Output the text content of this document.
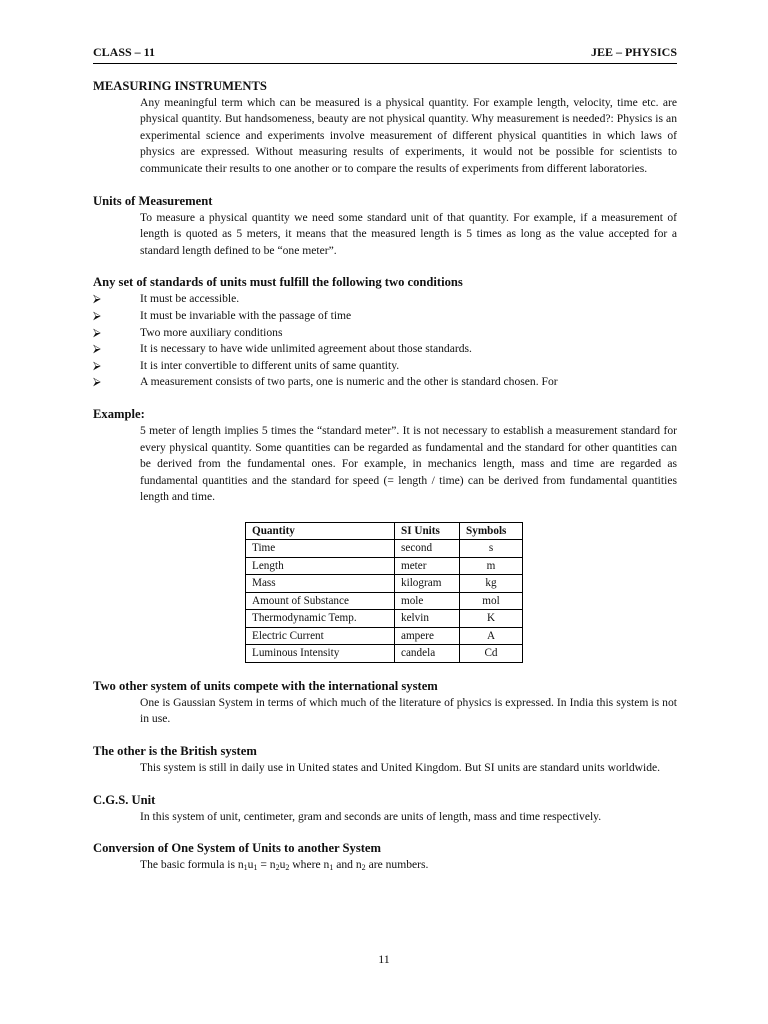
CLASS – 11	JEE – PHYSICS
MEASURING INSTRUMENTS
Any meaningful term which can be measured is a physical quantity. For example length, velocity, time etc. are physical quantity. But handsomeness, beauty are not physical quantity. Why measurement is needed?: Physics is an experimental science and experiments involve measurement of different physical quantities in which laws of physics are expressed. Without measuring results of experiments, it would not be possible for scientists to communicate their results to one another or to compare the results of experiments from different laboratories.
Units of Measurement
To measure a physical quantity we need some standard unit of that quantity. For example, if a measurement of length is quoted as 5 meters, it means that the measured length is 5 times as long as the value accepted for a standard length defined to be “one meter”.
Any set of standards of units must fulfill the following two conditions
⮚	It must be accessible.
⮚	It must be invariable with the passage of time
⮚	Two more auxiliary conditions
⮚	It is necessary to have wide unlimited agreement about those standards.
⮚	It is inter convertible to different units of same quantity.
⮚	A measurement consists of two parts, one is numeric and the other is standard chosen. For
Example:
5 meter of length implies 5 times the “standard meter”. It is not necessary to establish a measurement standard for every physical quantity. Some quantities can be regarded as fundamental and the standard for other quantities can be derived from the fundamental ones. For example, in mechanics length, mass and time are regarded as fundamental quantities and the standard for speed (= length / time) can be derived from fundamental quantities length and time.
Quantity	SI Units	Symbols
Time	second	s
Length	meter	m
Mass	kilogram	kg
Amount of Substance	mole	mol
Thermodynamic Temp.	kelvin	K
Electric Current	ampere	A
Luminous Intensity	candela	Cd
Two other system of units compete with the international system
One is Gaussian System in terms of which much of the literature of physics is expressed. In India this system is not in use.
The other is the British system
This system is still in daily use in United states and United Kingdom. But SI units are standard units worldwide.
C.G.S. Unit
In this system of unit, centimeter, gram and seconds are units of length, mass and time respectively.
Conversion of One System of Units to another System
The basic formula is $n_1u_1 = n_2u_2$ where $n_1$ and $n_2$ are numbers.
11
